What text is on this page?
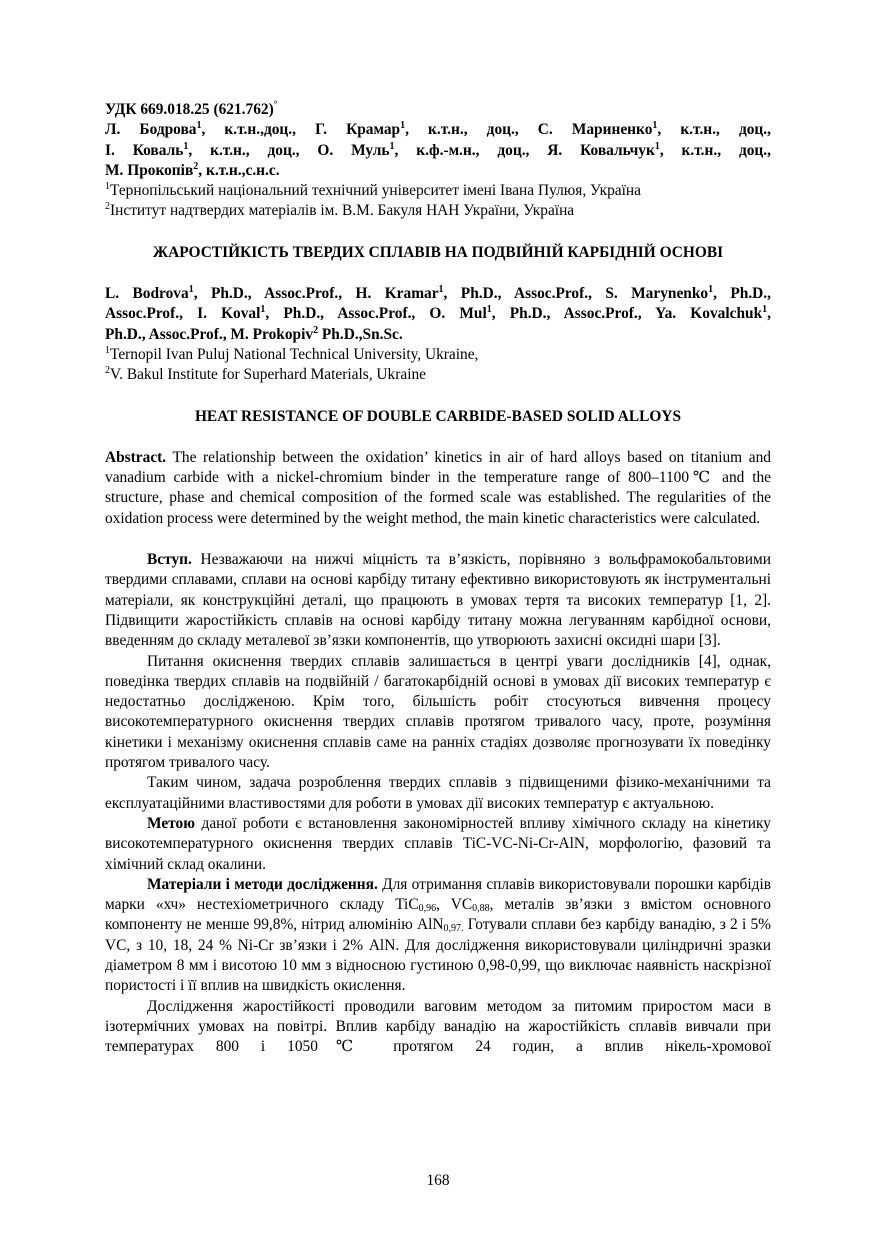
УДК 669.018.25 (621.762)°

Л. Бодрова$^1$, к.т.н.,доц., Г. Крамар$^1$, к.т.н., доц., С. Мариненко$^1$, к.т.н., доц.,

І. Коваль$^1$, к.т.н., доц., О. Муль$^1$, к.ф.-м.н., доц., Я. Ковальчук$^1$, к.т.н., доц.,

М. Прокопів$^2$, к.т.н.,с.н.с.

$^1$Тернопільський національний технічний університет імені Івана Пулюя, Україна

$^2$Інститут надтвердих матеріалів ім. В.М. Бакуля НАН України, Україна

ЖАРОСТІЙКІСТЬ ТВЕРДИХ СПЛАВІВ НА ПОДВІЙНІЙ КАРБІДНІЙ ОСНОВІ

L. Bodrova$^1$, Ph.D., Assoc.Prof., H. Kramar$^1$, Ph.D., Assoc.Prof., S. Marynenko$^1$, Ph.D.,

Assoc.Prof., I. Koval$^1$, Ph.D., Assoc.Prof., O. Mul$^1$, Ph.D., Assoc.Prof., Ya. Kovalchuk$^1$,

Ph.D., Assoc.Prof., M. Prokopiv$^2$ Ph.D.,Sn.Sc.

$^1$Ternopil Ivan Puluj National Technical University, Ukraine,

$^2$V. Bakul Institute for Superhard Materials, Ukraine

HEAT RESISTANCE OF DOUBLE CARBIDE-BASED SOLID ALLOYS

Abstract. The relationship between the oxidation’ kinetics in air of hard alloys based on titanium and vanadium carbide with a nickel-chromium binder in the temperature range of 800–1100℃ and the structure, phase and chemical composition of the formed scale was established. The regularities of the oxidation process were determined by the weight method, the main kinetic characteristics were calculated.

Вступ. Незважаючи на нижчі міцність та в’язкість, порівняно з вольфрамокобальтовими твердими сплавами, сплави на основі карбіду титану ефективно використовують як інструментальні матеріали, як конструкційні деталі, що працюють в умовах тертя та високих температур [1, 2]. Підвищити жаростійкість сплавів на основі карбіду титану можна легуванням карбідної основи, введенням до складу металевої зв’язки компонентів, що утворюють захисні оксидні шари [3].

Питання окиснення твердих сплавів залишається в центрі уваги дослідників [4], однак, поведінка твердих сплавів на подвійній / багатокарбідній основі в умовах дії високих температур є недостатньо дослідженою. Крім того, більшість робіт стосуються вивчення процесу високотемпературного окиснення твердих сплавів протягом тривалого часу, проте, розуміння кінетики і механізму окиснення сплавів саме на ранніх стадіях дозволяє прогнозувати їх поведінку протягом тривалого часу.

Таким чином, задача розроблення твердих сплавів з підвищеними фізико-механічними та експлуатаційними властивостями для роботи в умовах дії високих температур є актуальною.

Метою даної роботи є встановлення закономірностей впливу хімічного складу на кінетику високотемпературного окиснення твердих сплавів TiC-VC-Ni-Cr-AlN, морфологію, фазовий та хімічний склад окалини.

Матеріали і методи дослідження. Для отримання сплавів використовували порошки карбідів марки «хч» нестехіометричного складу TiC$_{0,96}$, $VC_{0,88}$, металів зв’язки з вмістом основного компоненту не менше 99,8%, нітрид алюмінію AlN$_{0,97.}$ Готували сплави без карбіду ванадію, з 2 і 5% VC, з 10, 18, 24 % Ni-Cr зв’язки і 2% AlN. Для дослідження використовували циліндричні зразки діаметром 8 мм і висотою 10 мм з відносною густиною 0,98-0,99, що виключає наявність наскрізної пористості і її вплив на швидкість окислення.

Дослідження жаростійкості проводили ваговим методом за питомим приростом маси в ізотермічних умовах на повітрі. Вплив карбіду ванадію на жаростійкість сплавів вивчали при температурах 800 і 1050℃ протягом 24 годин, а вплив нікель-хромової

168
